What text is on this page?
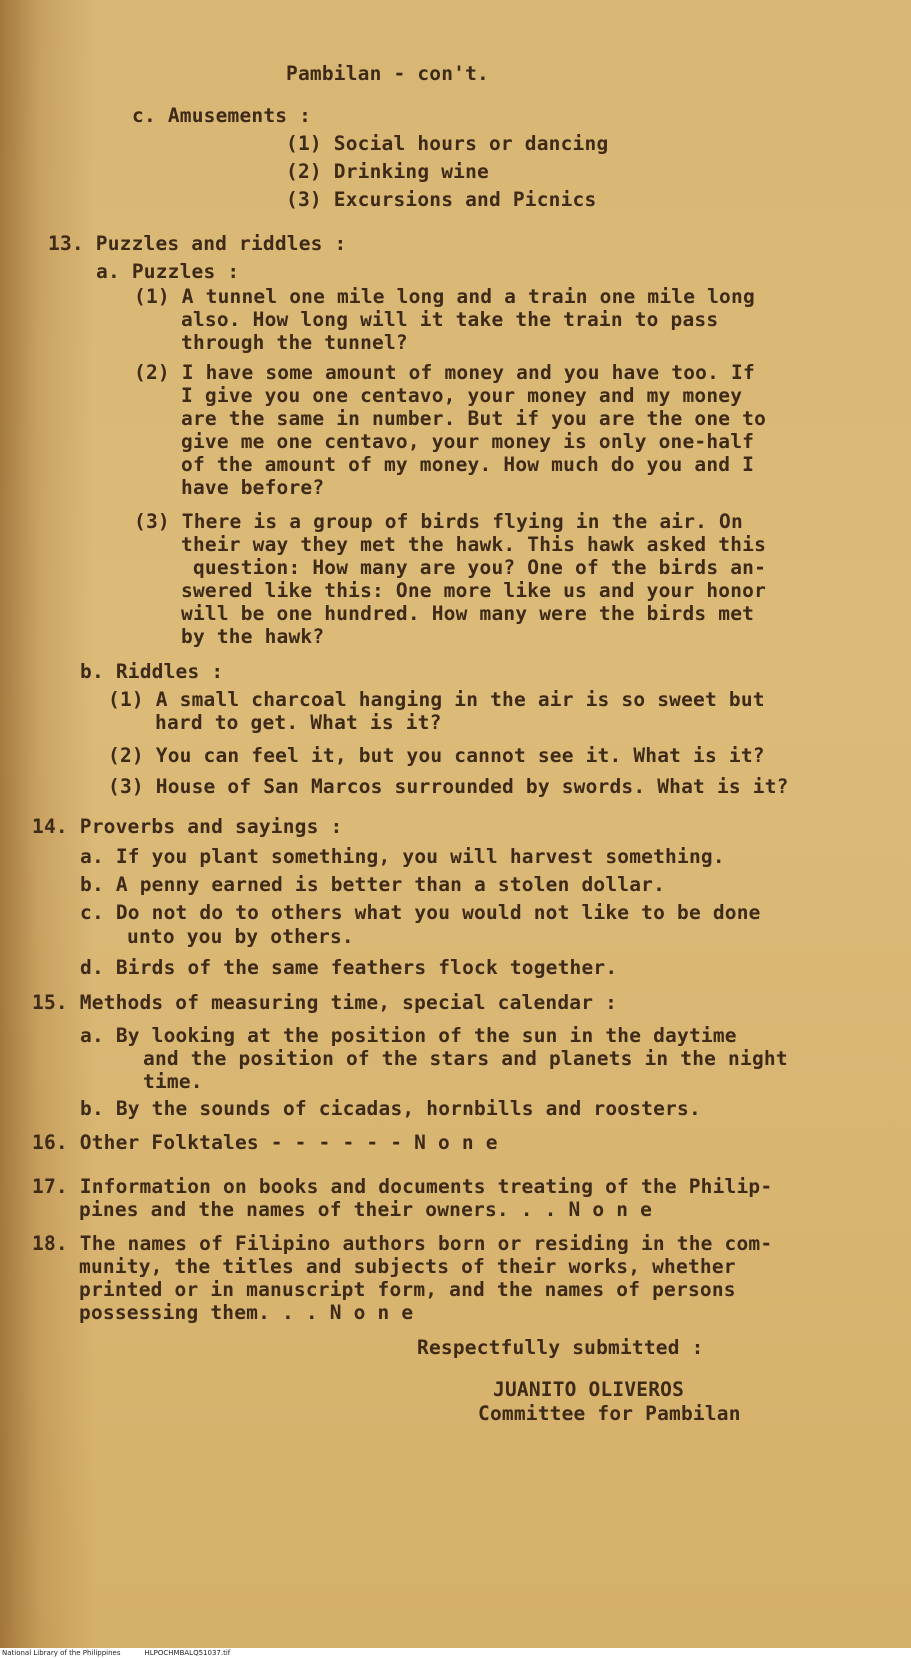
Pambilan - con't.
c. Amusements :
(1) Social hours or dancing
(2) Drinking wine
(3) Excursions and Picnics
13. Puzzles and riddles :
a. Puzzles :
(1) A tunnel one mile long and a train one mile long
also. How long will it take the train to pass
through the tunnel?
(2) I have some amount of money and you have too. If
I give you one centavo, your money and my money
are the same in number. But if you are the one to
give me one centavo, your money is only one-half
of the amount of my money. How much do you and I
have before?
(3) There is a group of birds flying in the air. On
their way they met the hawk. This hawk asked this
question: How many are you? One of the birds an-
swered like this: One more like us and your honor
will be one hundred. How many were the birds met
by the hawk?
b. Riddles :
(1) A small charcoal hanging in the air is so sweet but
hard to get. What is it?
(2) You can feel it, but you cannot see it. What is it?
(3) House of San Marcos surrounded by swords. What is it?
14. Proverbs and sayings :
a. If you plant something, you will harvest something.
b. A penny earned is better than a stolen dollar.
c. Do not do to others what you would not like to be done
unto you by others.
d. Birds of the same feathers flock together.
15. Methods of measuring time, special calendar :
a. By looking at the position of the sun in the daytime
and the position of the stars and planets in the night
time.
b. By the sounds of cicadas, hornbills and roosters.
16. Other Folktales - - - - - - N o n e
17. Information on books and documents treating of the Philip-
pines and the names of their owners. . . N o n e
18. The names of Filipino authors born or residing in the com-
munity, the titles and subjects of their works, whether
printed or in manuscript form, and the names of persons
possessing them. . . N o n e
Respectfully submitted :
JUANITO OLIVEROS
Committee for Pambilan
National Library of the Philippines	HLPOCHMBALQ51037.tif
